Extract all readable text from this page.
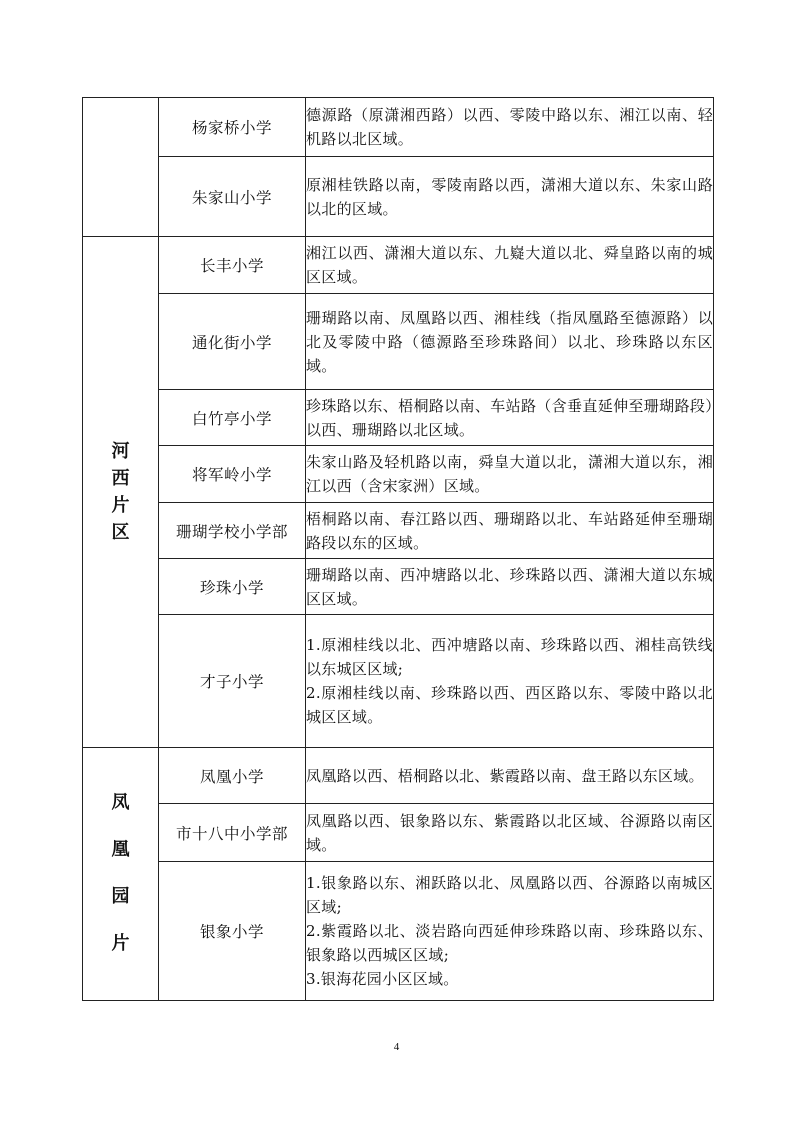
	杨家桥小学	德源路（原潇湘西路）以西、零陵中路以东、湘江以南、轻机路以北区域。

	朱家山小学	原湘桂铁路以南，零陵南路以西，潇湘大道以东、朱家山路以北的区域。

河
西
片
区	长丰小学	湘江以西、潇湘大道以东、九嶷大道以北、舜皇路以南的城区区域。

	通化街小学	珊瑚路以南、凤凰路以西、湘桂线（指凤凰路至德源路）以北及零陵中路（德源路至珍珠路间）以北、珍珠路以东区域。

	白竹亭小学	珍珠路以东、梧桐路以南、车站路（含垂直延伸至珊瑚路段）以西、珊瑚路以北区域。

	将军岭小学	朱家山路及轻机路以南，舜皇大道以北，潇湘大道以东，湘江以西（含宋家洲）区域。

	珊瑚学校小学部	梧桐路以南、春江路以西、珊瑚路以北、车站路延伸至珊瑚路段以东的区域。

	珍珠小学	珊瑚路以南、西冲塘路以北、珍珠路以西、潇湘大道以东城区区域。

	才子小学	1.原湘桂线以北、西冲塘路以南、珍珠路以西、湘桂高铁线以东城区区域;
2.原湘桂线以南、珍珠路以西、西区路以东、零陵中路以北城区区域。

凤
凰
园
片	凤凰小学	凤凰路以西、梧桐路以北、紫霞路以南、盘王路以东区域。

	市十八中小学部	凤凰路以西、银象路以东、紫霞路以北区域、谷源路以南区域。

	银象小学	1.银象路以东、湘跃路以北、凤凰路以西、谷源路以南城区区域;
2.紫霞路以北、淡岩路向西延伸珍珠路以南、珍珠路以东、银象路以西城区区域;
3.银海花园小区区域。
4
